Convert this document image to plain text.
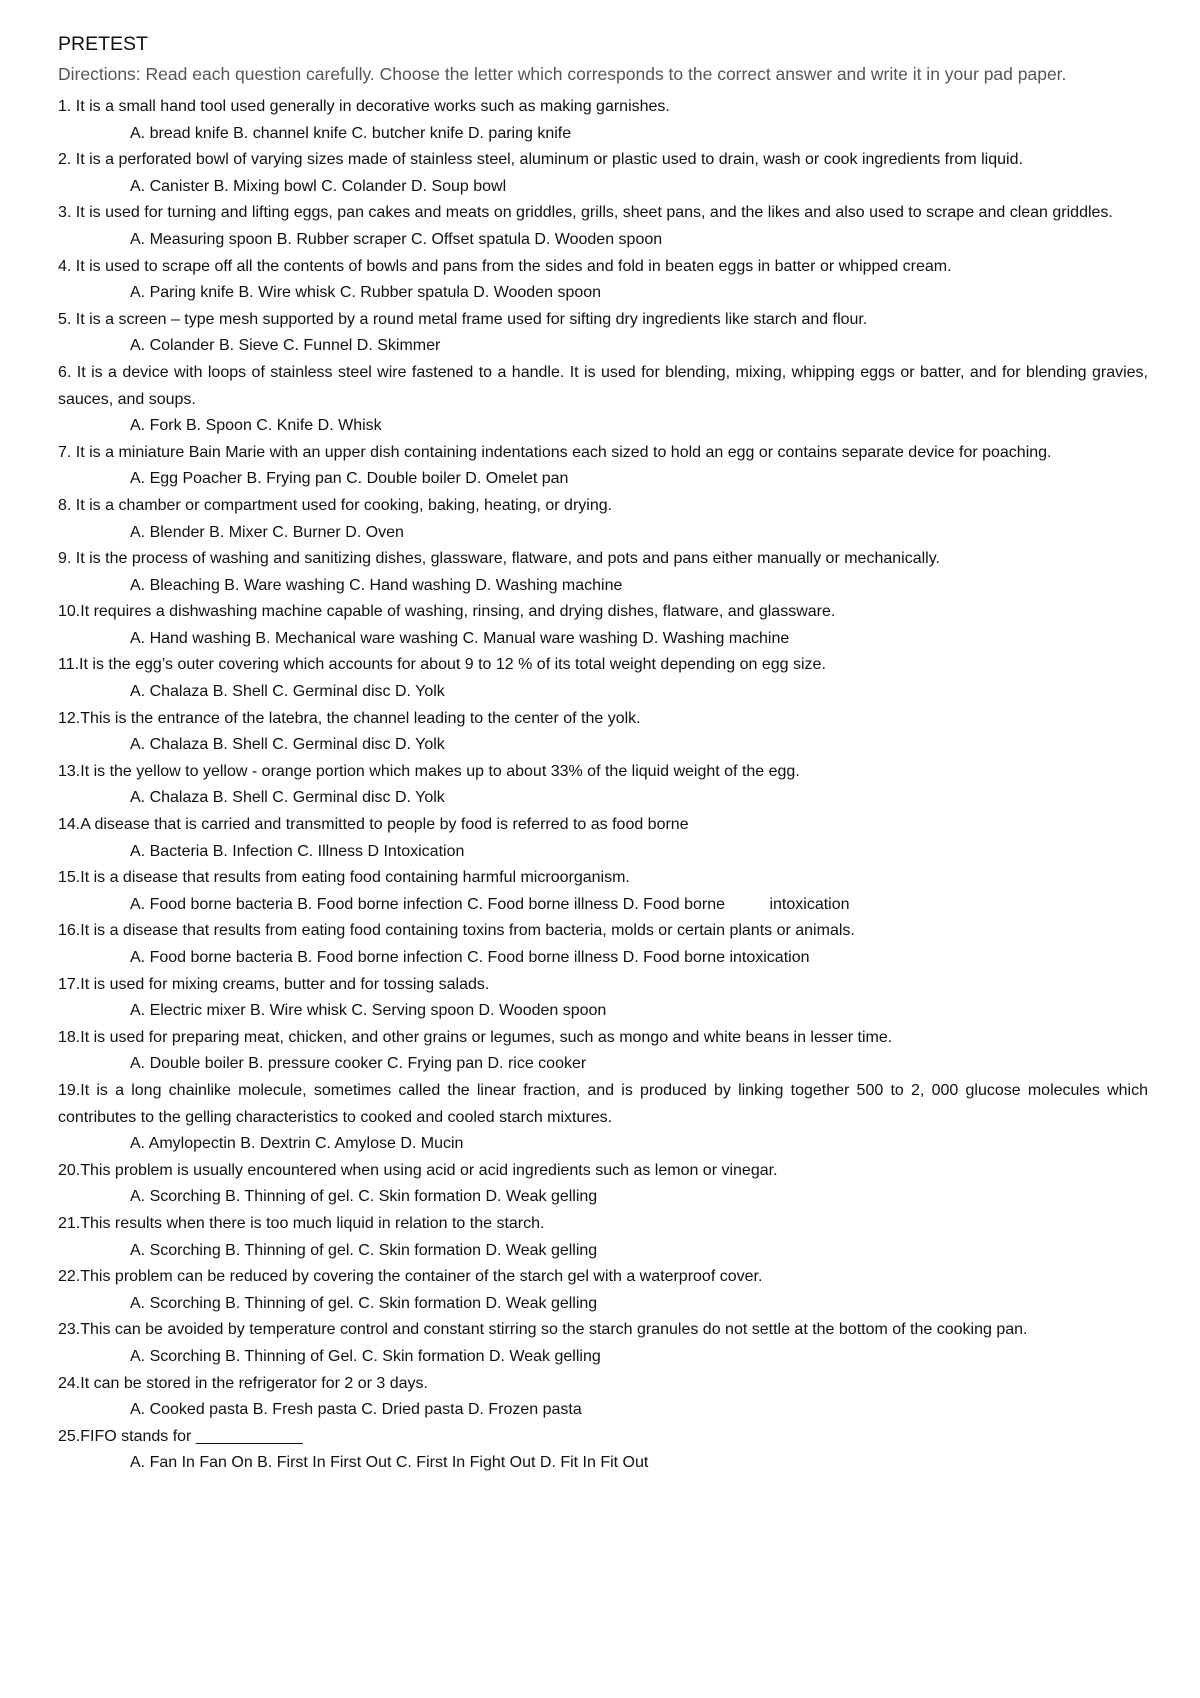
PRETEST
Directions: Read each question carefully. Choose the letter which corresponds to the correct answer and write it in your pad paper.
1. It is a small hand tool used generally in decorative works such as making garnishes.
A. bread knife B. channel knife C. butcher knife D. paring knife
2. It is a perforated bowl of varying sizes made of stainless steel, aluminum or plastic used to drain, wash or cook ingredients from liquid.
A. Canister B. Mixing bowl C. Colander D. Soup bowl
3. It is used for turning and lifting eggs, pan cakes and meats on griddles, grills, sheet pans, and the likes and also used to scrape and clean griddles.
A. Measuring spoon B. Rubber scraper C. Offset spatula D. Wooden spoon
4. It is used to scrape off all the contents of bowls and pans from the sides and fold in beaten eggs in batter or whipped cream.
A. Paring knife B. Wire whisk C. Rubber spatula D. Wooden spoon
5. It is a screen – type mesh supported by a round metal frame used for sifting dry ingredients like starch and flour.
A. Colander B. Sieve C. Funnel D. Skimmer
6. It is a device with loops of stainless steel wire fastened to a handle. It is used for blending, mixing, whipping eggs or batter, and for blending gravies, sauces, and soups.
A. Fork B. Spoon C. Knife D. Whisk
7. It is a miniature Bain Marie with an upper dish containing indentations each sized to hold an egg or contains separate device for poaching.
A. Egg Poacher B. Frying pan C. Double boiler D. Omelet pan
8. It is a chamber or compartment used for cooking, baking, heating, or drying.
A. Blender B. Mixer C. Burner D. Oven
9. It is the process of washing and sanitizing dishes, glassware, flatware, and pots and pans either manually or mechanically.
A. Bleaching B. Ware washing C. Hand washing D. Washing machine
10.It requires a dishwashing machine capable of washing, rinsing, and drying dishes, flatware, and glassware.
A. Hand washing B. Mechanical ware washing C. Manual ware washing D. Washing machine
11.It is the egg’s outer covering which accounts for about 9 to 12 % of its total weight depending on egg size.
A. Chalaza B. Shell C. Germinal disc D. Yolk
12.This is the entrance of the latebra, the channel leading to the center of the yolk.
A. Chalaza B. Shell C. Germinal disc D. Yolk
13.It is the yellow to yellow - orange portion which makes up to about 33% of the liquid weight of the egg.
A. Chalaza B. Shell C. Germinal disc D. Yolk
14.A disease that is carried and transmitted to people by food is referred to as food borne
A. Bacteria B. Infection C. Illness D Intoxication
15.It is a disease that results from eating food containing harmful microorganism.
A. Food borne bacteria B. Food borne infection C. Food borne illness D. Food borne          intoxication
16.It is a disease that results from eating food containing toxins from bacteria, molds or certain plants or animals.
A. Food borne bacteria B. Food borne infection C. Food borne illness D. Food borne intoxication
17.It is used for mixing creams, butter and for tossing salads.
A. Electric mixer B. Wire whisk C. Serving spoon D. Wooden spoon
18.It is used for preparing meat, chicken, and other grains or legumes, such as mongo and white beans in lesser time.
A. Double boiler B. pressure cooker C. Frying pan D. rice cooker
19.It is a long chainlike molecule, sometimes called the linear fraction, and is produced by linking together 500 to 2, 000 glucose molecules which contributes to the gelling characteristics to cooked and cooled starch mixtures.
A. Amylopectin B. Dextrin C. Amylose D. Mucin
20.This problem is usually encountered when using acid or acid ingredients such as lemon or vinegar.
A. Scorching B. Thinning of gel. C. Skin formation D. Weak gelling
21.This results when there is too much liquid in relation to the starch.
A. Scorching B. Thinning of gel. C. Skin formation D. Weak gelling
22.This problem can be reduced by covering the container of the starch gel with a waterproof cover.
A. Scorching B. Thinning of gel. C. Skin formation D. Weak gelling
23.This can be avoided by temperature control and constant stirring so the starch granules do not settle at the bottom of the cooking pan.
A. Scorching B. Thinning of Gel. C. Skin formation D. Weak gelling
24.It can be stored in the refrigerator for 2 or 3 days.
A. Cooked pasta B. Fresh pasta C. Dried pasta D. Frozen pasta
25.FIFO stands for ____________
A. Fan In Fan On B. First In First Out C. First In Fight Out D. Fit In Fit Out
